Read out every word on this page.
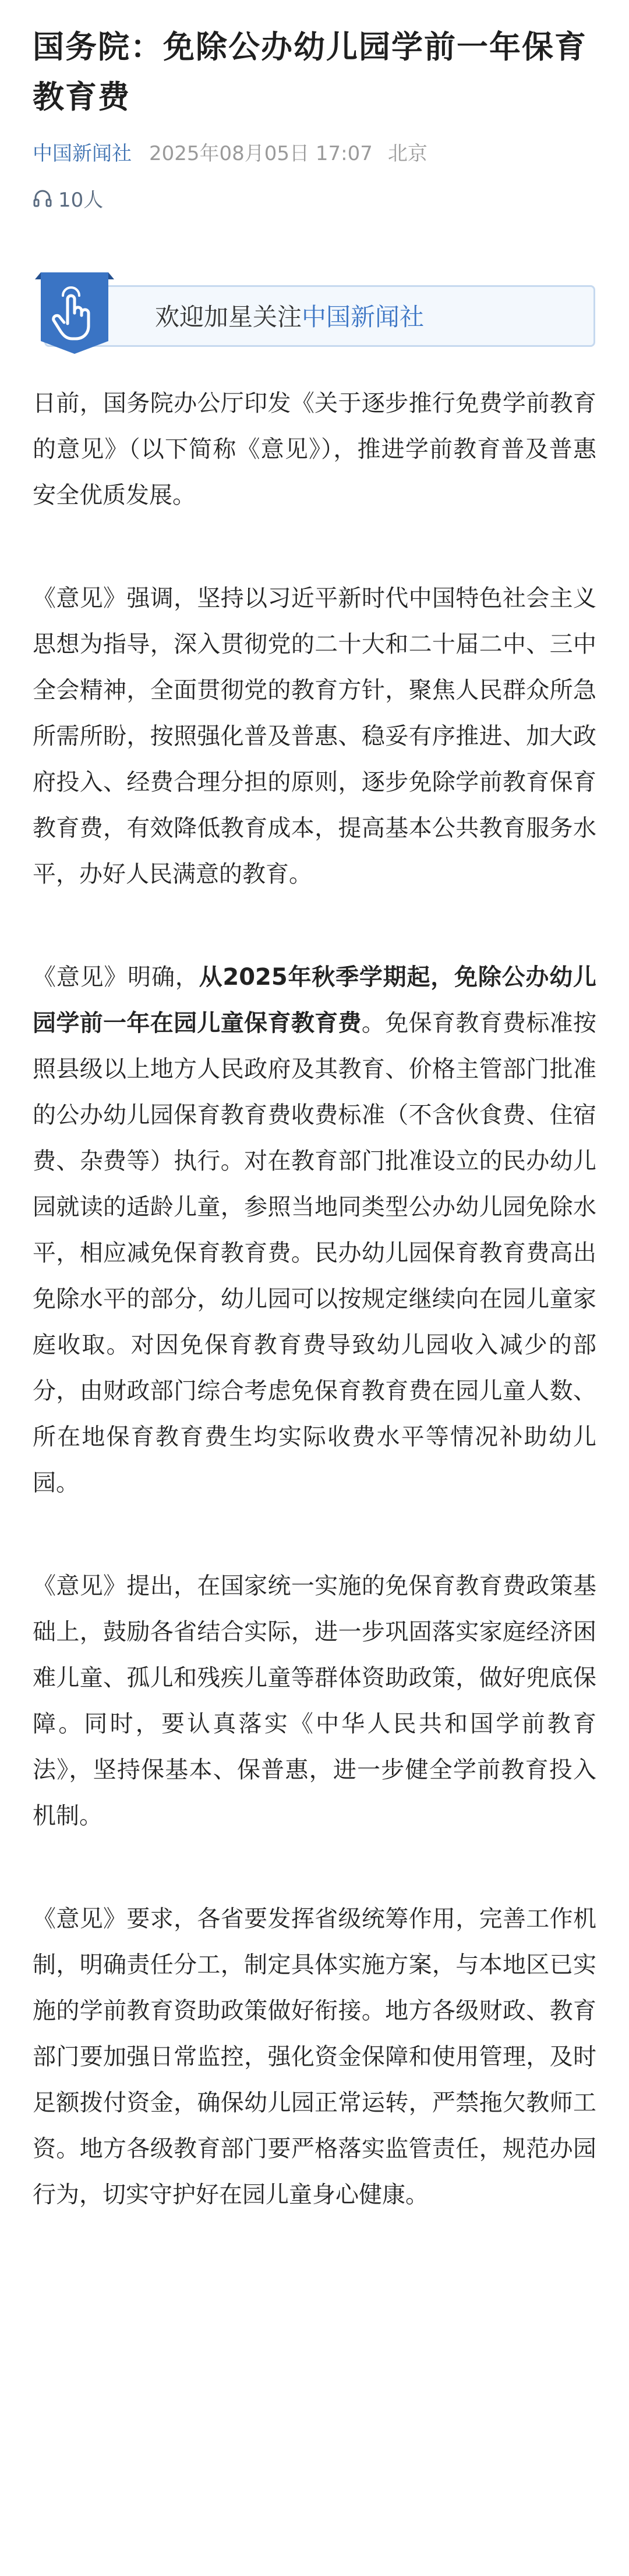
国务院：免除公办幼儿园学前一年保育教育费
中国新闻社 2025年08月05日 17:07 北京
10人
欢迎加星关注中国新闻社

日前，国务院办公厅印发《关于逐步推行免费学前教育的意见》（以下简称《意见》），推进学前教育普及普惠安全优质发展。

《意见》强调，坚持以习近平新时代中国特色社会主义思想为指导，深入贯彻党的二十大和二十届二中、三中全会精神，全面贯彻党的教育方针，聚焦人民群众所急所需所盼，按照强化普及普惠、稳妥有序推进、加大政府投入、经费合理分担的原则，逐步免除学前教育保育教育费，有效降低教育成本，提高基本公共教育服务水平，办好人民满意的教育。

《意见》明确，从2025年秋季学期起，免除公办幼儿园学前一年在园儿童保育教育费。免保育教育费标准按照县级以上地方人民政府及其教育、价格主管部门批准的公办幼儿园保育教育费收费标准（不含伙食费、住宿费、杂费等）执行。对在教育部门批准设立的民办幼儿园就读的适龄儿童，参照当地同类型公办幼儿园免除水平，相应减免保育教育费。民办幼儿园保育教育费高出免除水平的部分，幼儿园可以按规定继续向在园儿童家庭收取。对因免保育教育费导致幼儿园收入减少的部分，由财政部门综合考虑免保育教育费在园儿童人数、所在地保育教育费生均实际收费水平等情况补助幼儿园。

《意见》提出，在国家统一实施的免保育教育费政策基础上，鼓励各省结合实际，进一步巩固落实家庭经济困难儿童、孤儿和残疾儿童等群体资助政策，做好兜底保障。同时，要认真落实《中华人民共和国学前教育法》，坚持保基本、保普惠，进一步健全学前教育投入机制。

《意见》要求，各省要发挥省级统筹作用，完善工作机制，明确责任分工，制定具体实施方案，与本地区已实施的学前教育资助政策做好衔接。地方各级财政、教育部门要加强日常监控，强化资金保障和使用管理，及时足额拨付资金，确保幼儿园正常运转，严禁拖欠教师工资。地方各级教育部门要严格落实监管责任，规范办园行为，切实守护好在园儿童身心健康。
